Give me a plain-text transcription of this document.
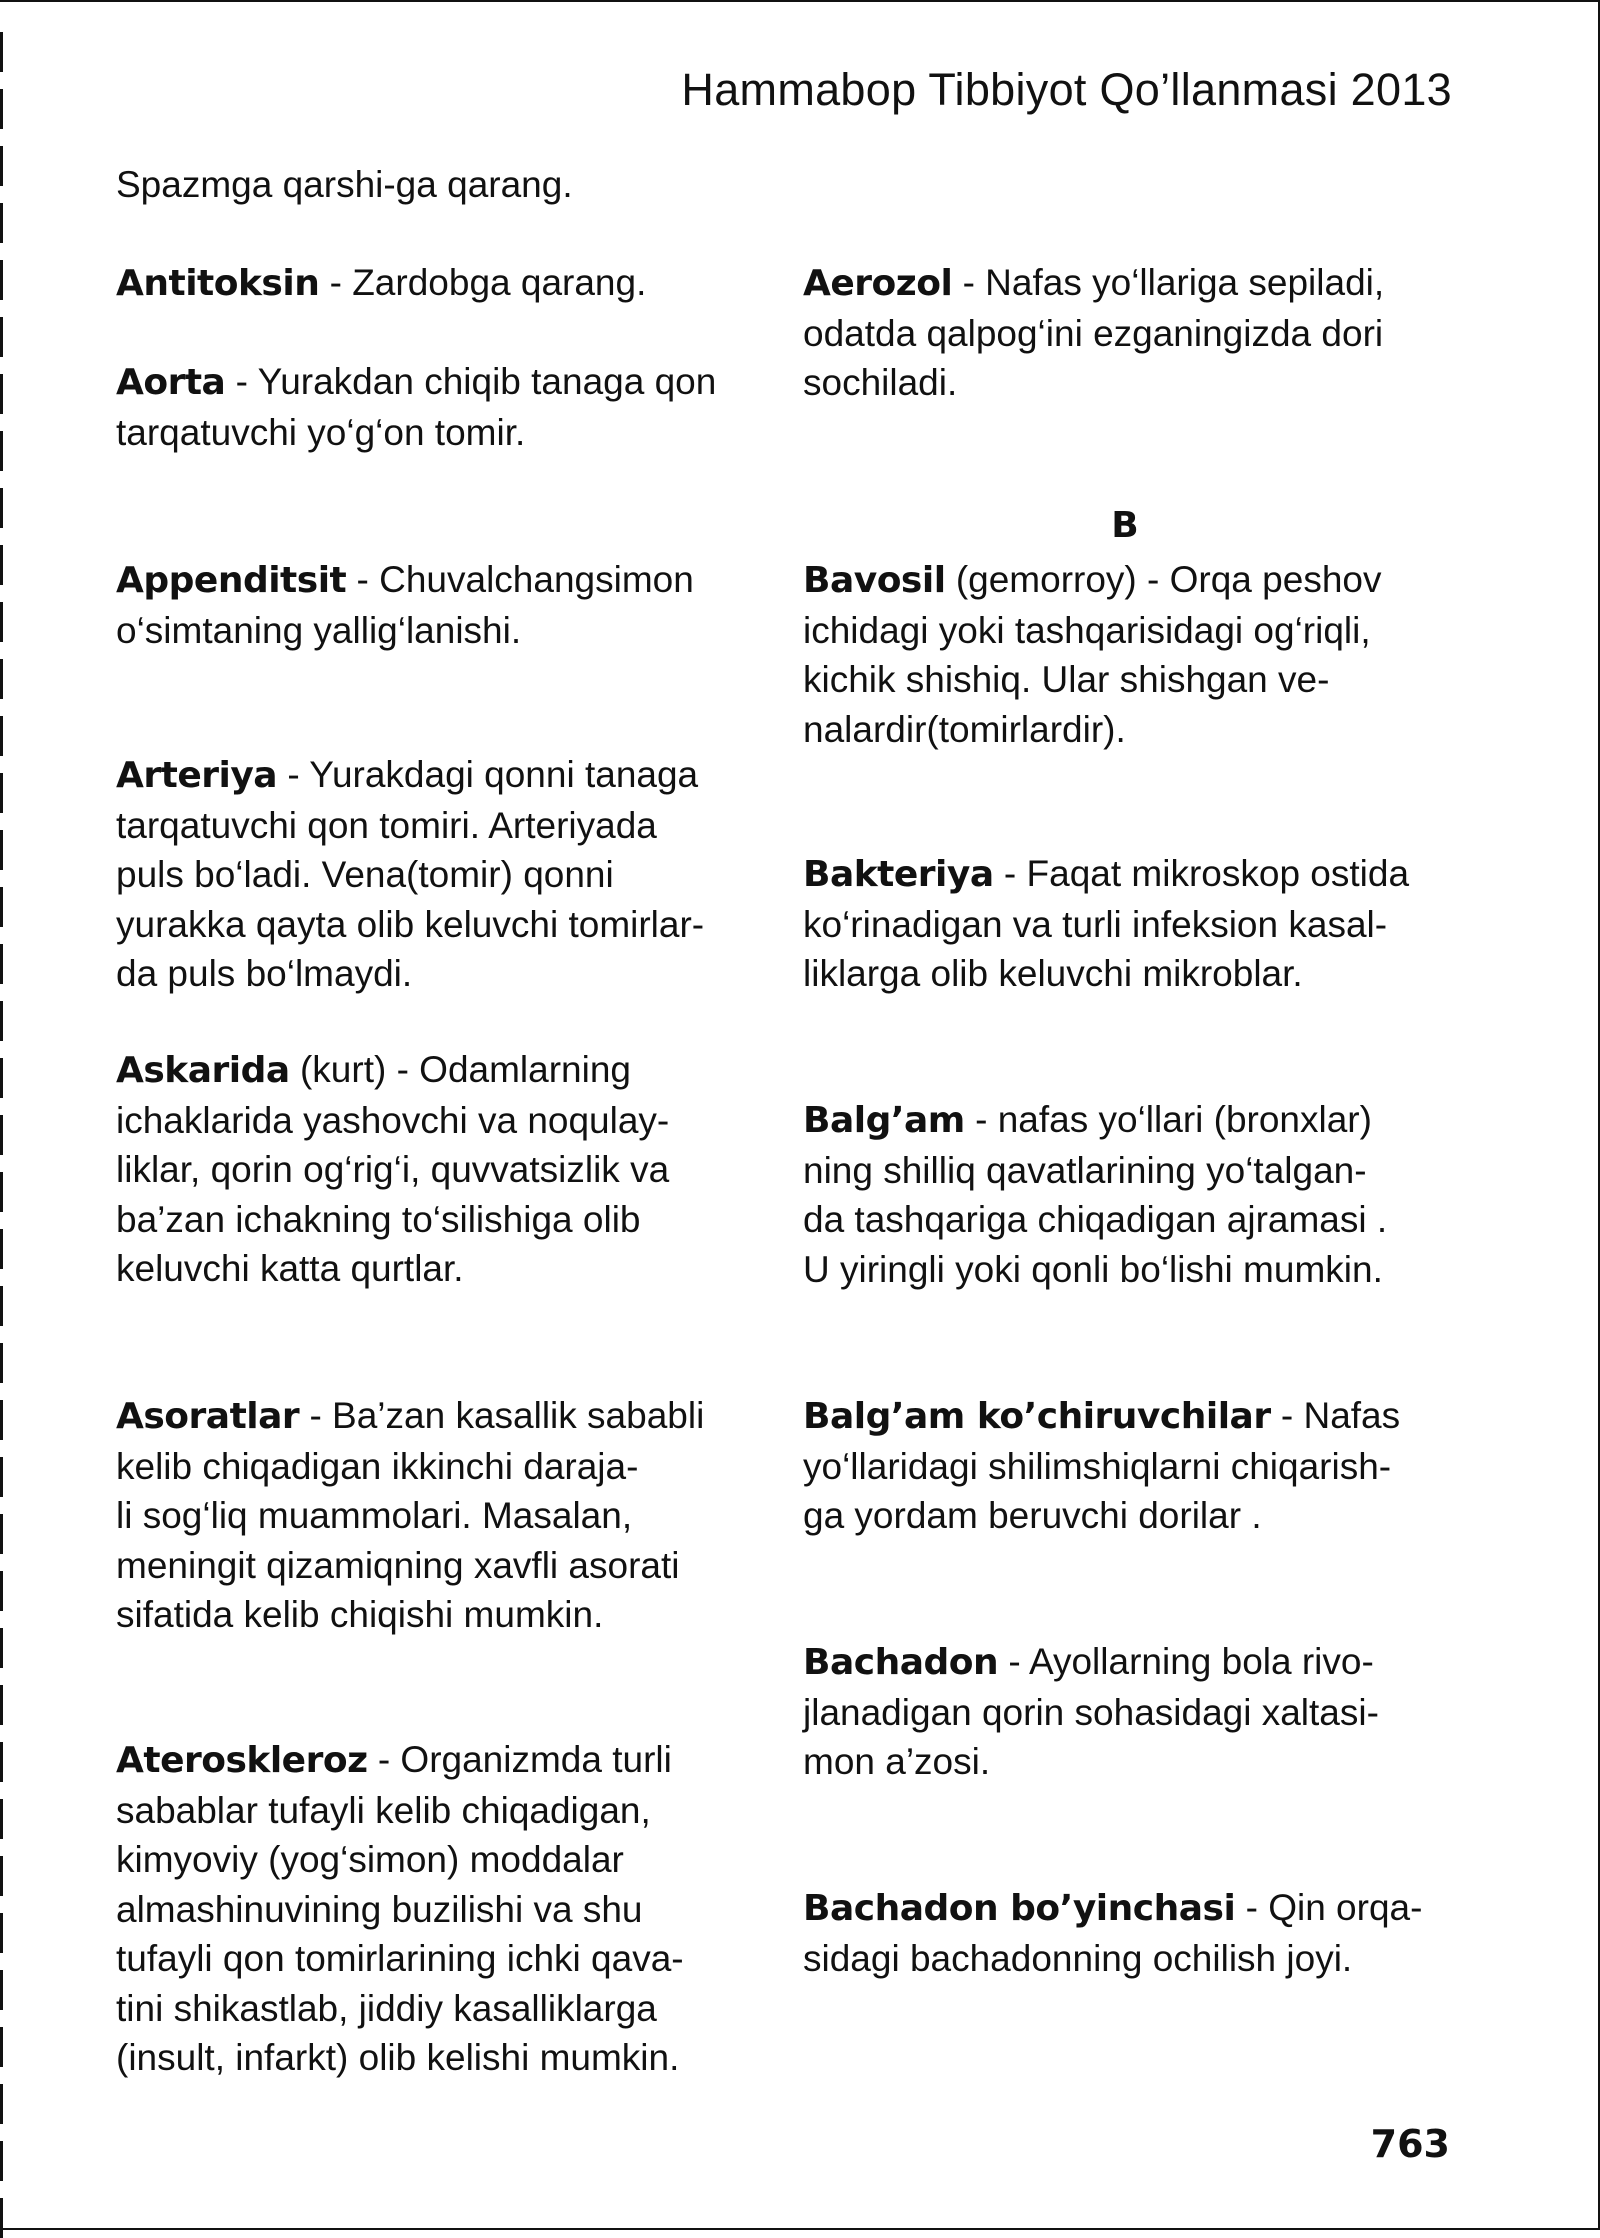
Hammabop Tibbiyot Qo’llanmasi 2013
Spazmga qarshi-ga qarang.
Antitoksin - Zardobga qarang.
Aorta - Yurakdan chiqib tanaga qon
tarqatuvchi yo‘g‘on tomir.
Appenditsit - Chuvalchangsimon
o‘simtaning yallig‘lanishi.
Arteriya - Yurakdagi qonni tanaga
tarqatuvchi qon tomiri. Arteriyada
puls bo‘ladi. Vena(tomir) qonni
yurakka qayta olib keluvchi tomirlar-
da puls bo‘lmaydi.
Askarida (kurt) - Odamlarning
ichaklarida yashovchi va noqulay-
liklar, qorin og‘rig‘i, quvvatsizlik va
ba’zan ichakning to‘silishiga olib
keluvchi katta qurtlar.
Asoratlar - Ba’zan kasallik sababli
kelib chiqadigan ikkinchi daraja-
li sog‘liq muammolari. Masalan,
meningit qizamiqning xavfli asorati
sifatida kelib chiqishi mumkin.
Ateroskleroz - Organizmda turli
sabablar tufayli kelib chiqadigan,
kimyoviy (yog‘simon) moddalar
almashinuvining buzilishi va shu
tufayli qon tomirlarining ichki qava-
tini shikastlab, jiddiy kasalliklarga
(insult, infarkt) olib kelishi mumkin.
Aerozol - Nafas yo‘llariga sepiladi,
odatda qalpog‘ini ezganingizda dori
sochiladi.
B
Bavosil (gemorroy) - Orqa peshov
ichidagi yoki tashqarisidagi og‘riqli,
kichik shishiq. Ular shishgan ve-
nalardir(tomirlardir).
Bakteriya - Faqat mikroskop ostida
ko‘rinadigan va turli infeksion kasal-
liklarga olib keluvchi mikroblar.
Balg’am - nafas yo‘llari (bronxlar)
ning shilliq qavatlarining yo‘talgan-
da tashqariga chiqadigan ajramasi .
U yiringli yoki qonli bo‘lishi mumkin.
Balg’am ko’chiruvchilar - Nafas
yo‘llaridagi shilimshiqlarni chiqarish-
ga yordam beruvchi dorilar .
Bachadon - Ayollarning bola rivo-
jlanadigan qorin sohasidagi xaltasi-
mon a’zosi.
Bachadon bo’yinchasi - Qin orqa-
sidagi bachadonning ochilish joyi.
763
